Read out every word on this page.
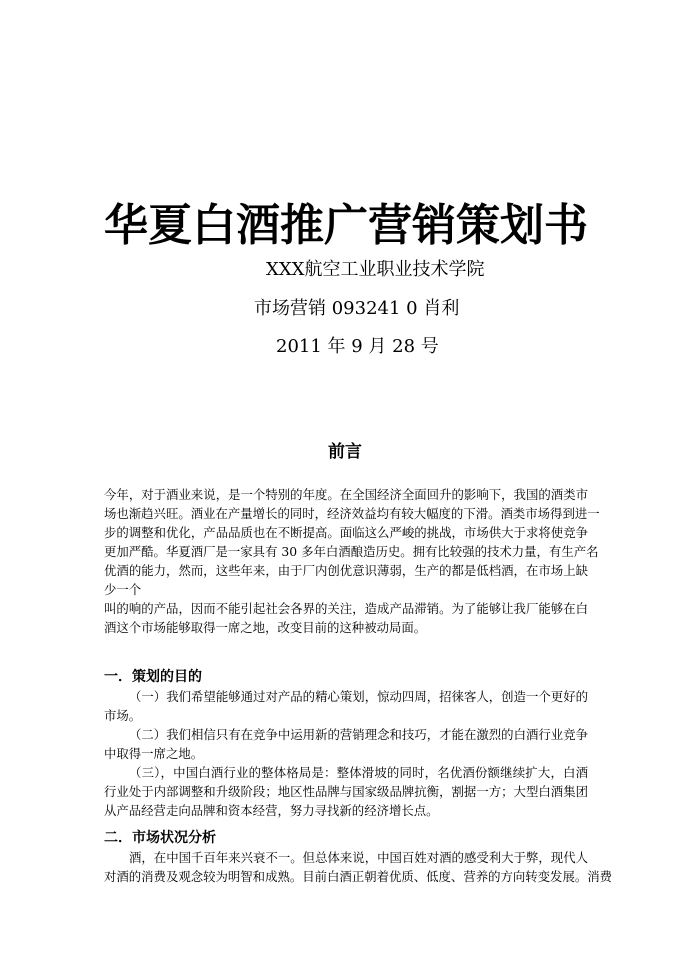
华夏白酒推广营销策划书
XXX航空工业职业技术学院
市场营销 093241 0 肖利
2011 年 9 月 28 号
前言
今年，对于酒业来说，是一个特别的年度。在全国经济全面回升的影响下，我国的酒类市
场也渐趋兴旺。酒业在产量增长的同时，经济效益均有较大幅度的下滑。酒类市场得到进一
步的调整和优化，产品品质也在不断提高。面临这么严峻的挑战，市场供大于求将使竞争
更加严酷。华夏酒厂是一家具有 30 多年白酒酿造历史。拥有比较强的技术力量，有生产名
优酒的能力，然而，这些年来，由于厂内创优意识薄弱，生产的都是低档酒，在市场上缺
少一个
叫的响的产品，因而不能引起社会各界的关注，造成产品滞销。为了能够让我厂能够在白
酒这个市场能够取得一席之地，改变目前的这种被动局面。

一．策划的目的

（一）我们希望能够通过对产品的精心策划，惊动四周，招徕客人，创造一个更好的
市场。
（二）我们相信只有在竞争中运用新的营销理念和技巧，才能在激烈的白酒行业竞争
中取得一席之地。
（三），中国白酒行业的整体格局是：整体滑坡的同时，名优酒份额继续扩大，白酒
行业处于内部调整和升级阶段；地区性品牌与国家级品牌抗衡，割据一方；大型白酒集团
从产品经营走向品牌和资本经营，努力寻找新的经济增长点。

二．市场状况分析

酒，在中国千百年来兴衰不一。但总体来说，中国百姓对酒的感受利大于弊，现代人
对酒的消费及观念较为明智和成熟。目前白酒正朝着优质、低度、营养的方向转变发展。消费
